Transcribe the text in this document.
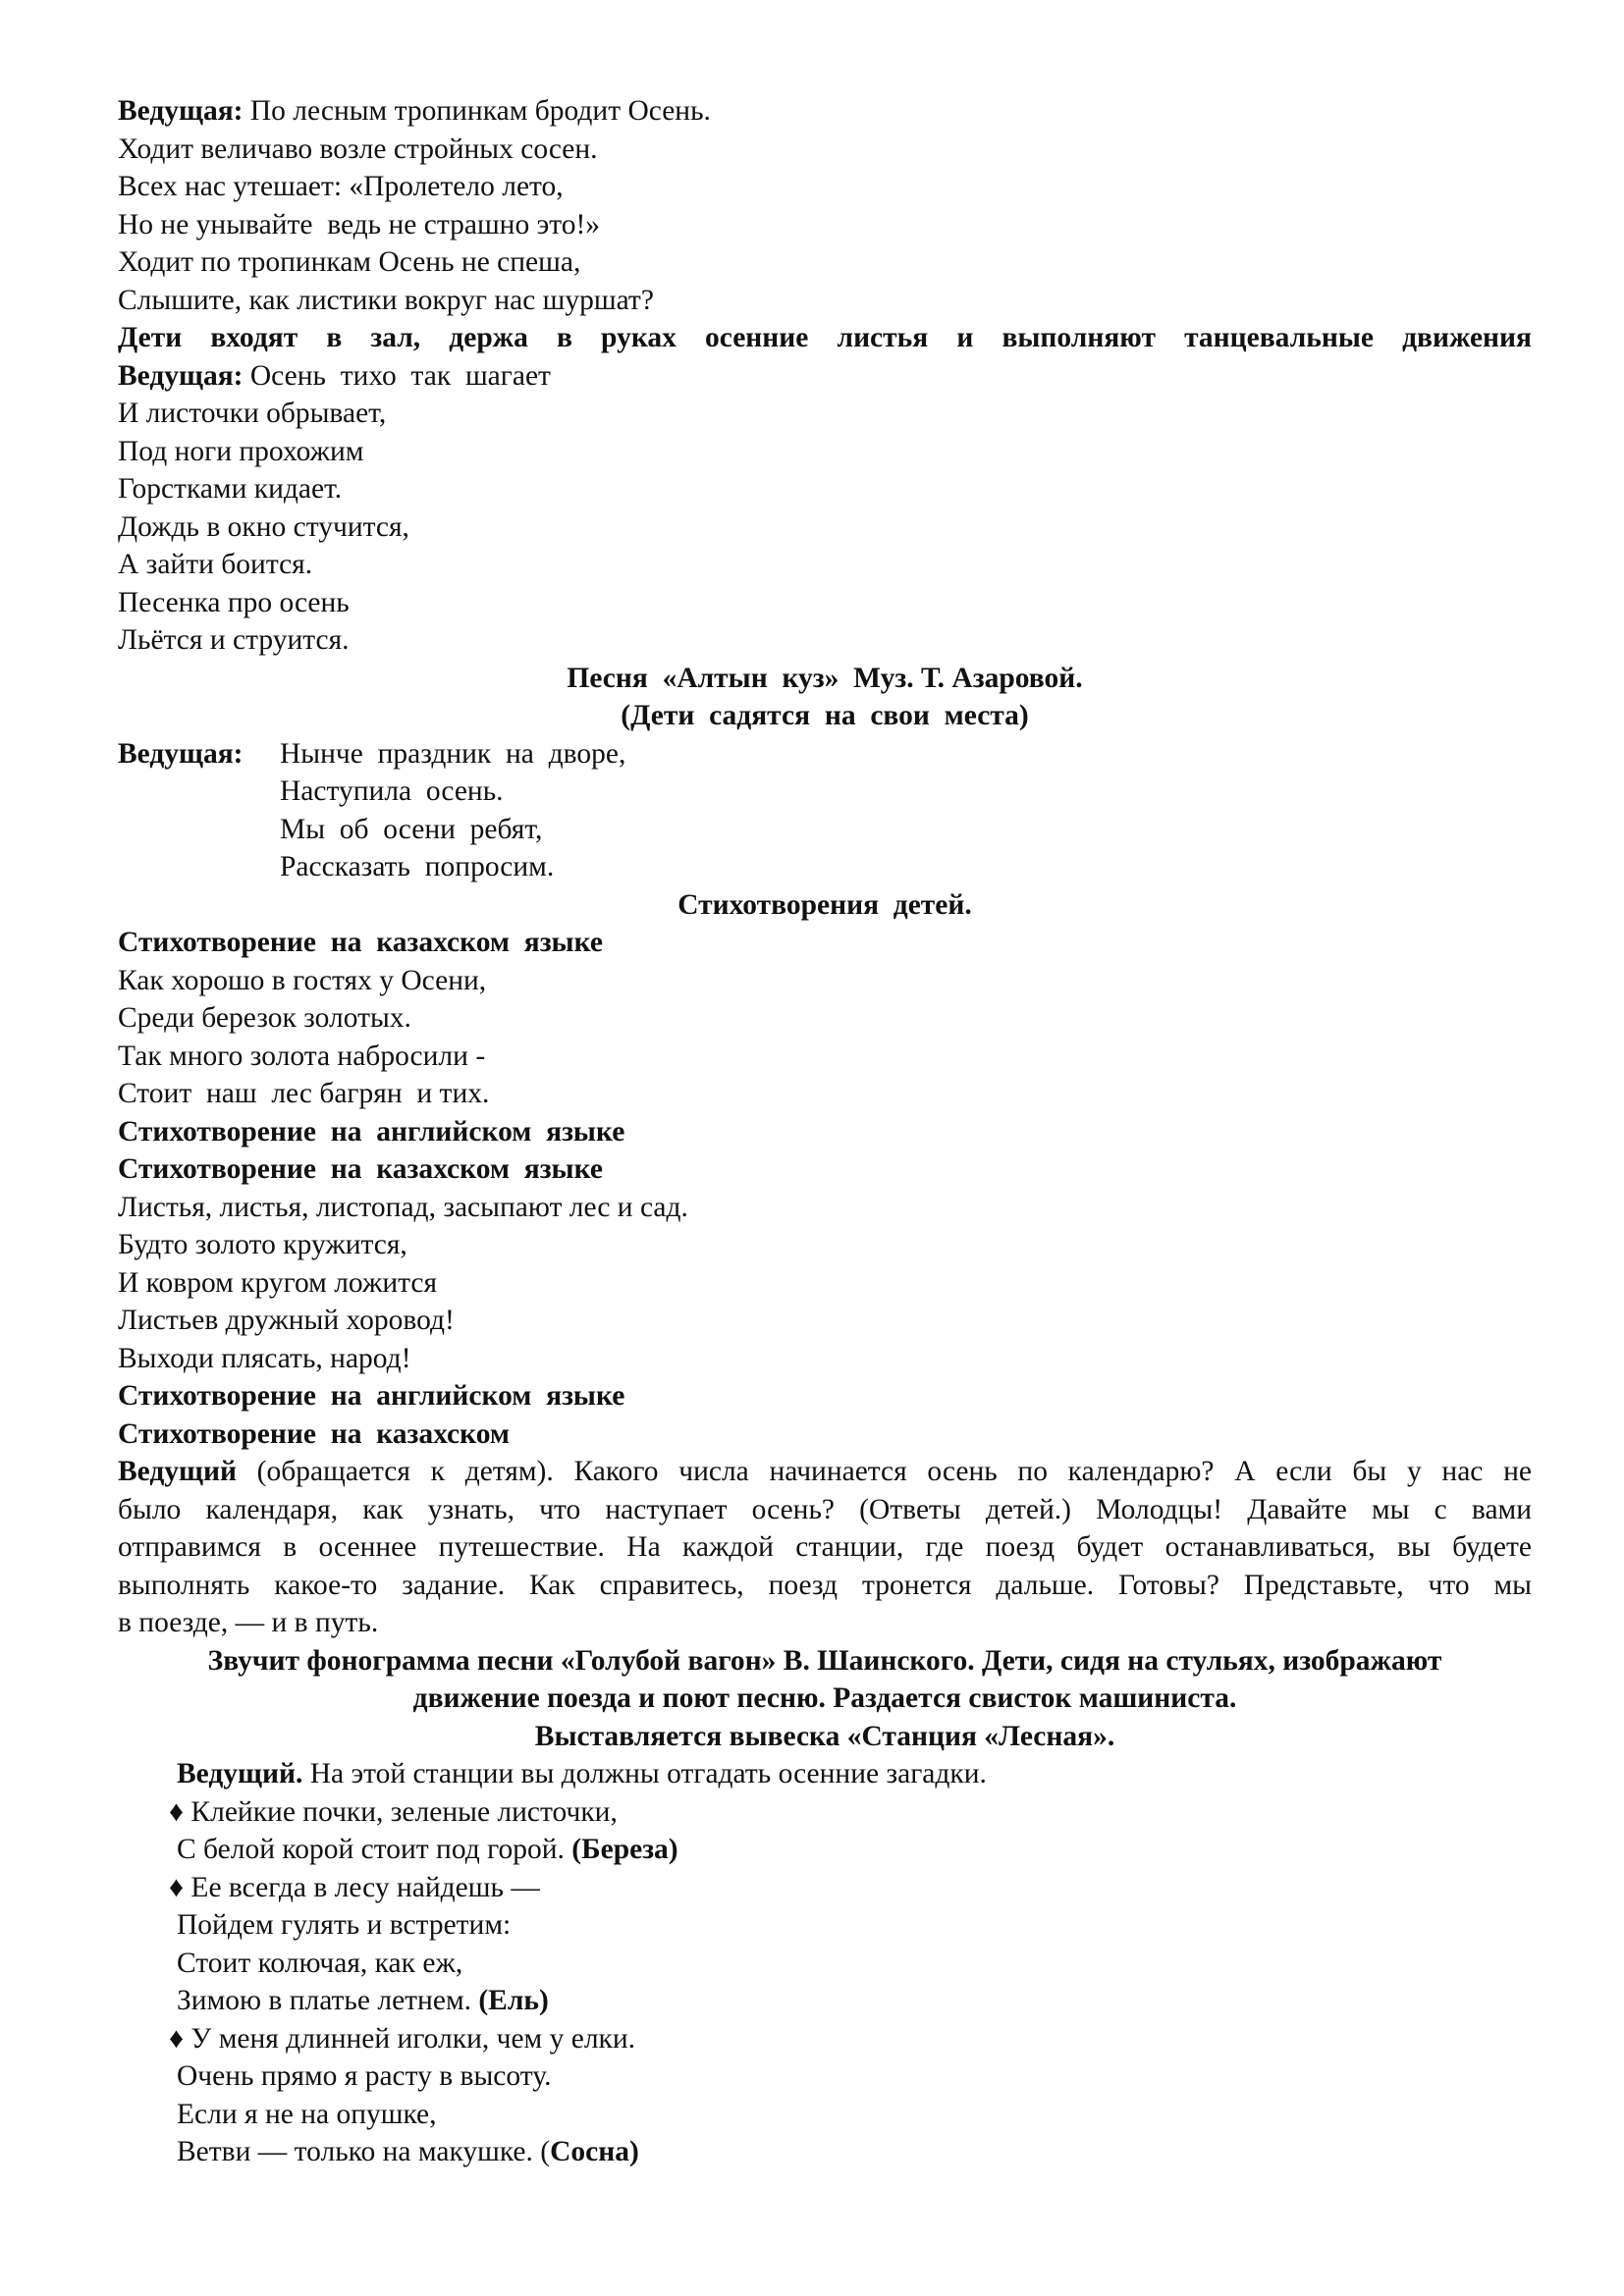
Ведущая: По лесным тропинкам бродит Осень.

Ходит величаво возле стройных сосен.

Всех нас утешает: «Пролетело лето,

Но не унывайте  ведь не страшно это!»

Ходит по тропинкам Осень не спеша,

Слышите, как листики вокруг нас шуршат?

Дети входят в зал, держа в руках осенние листья и выполняют танцевальные движения

Ведущая: Осень  тихо  так  шагает

И листочки обрывает,

Под ноги прохожим

Горстками кидает.

Дождь в окно стучится,

А зайти боится.

Песенка про осень

Льётся и струится.

Песня  «Алтын  куз»  Муз. Т. Азаровой.

(Дети  садятся  на  свои  места)

Ведущая: Нынче  праздник  на  дворе,

Наступила  осень.

Мы  об  осени  ребят,

Рассказать  попросим.

Стихотворения  детей.

Стихотворение  на  казахском  языке

Как хорошо в гостях у Осени,

Среди березок золотых.

Так много золота набросили -

Стоит  наш  лес багрян  и тих.

Стихотворение  на  английском  языке

Стихотворение  на  казахском  языке

Листья, листья, листопад, засыпают лес и сад.

Будто золото кружится,

И ковром кругом ложится

Листьев дружный хоровод!

Выходи плясать, народ!

Стихотворение  на  английском  языке

Стихотворение  на  казахском

Ведущий (обращается к детям). Какого числа начинается осень по календарю? А если бы у нас не

было календаря, как узнать, что наступает осень? (Ответы детей.) Молодцы! Давайте мы с вами

отправимся в осеннее путешествие. На каждой станции, где поезд будет останавливаться, вы будете

выполнять какое-то задание. Как справитесь, поезд тронется дальше. Готовы? Представьте, что мы

в поезде, — и в путь.

Звучит фонограмма песни «Голубой вагон» В. Шаинского. Дети, сидя на стульях, изображают

движение поезда и поют песню. Раздается свисток машиниста.

Выставляется вывеска «Станция «Лесная».

Ведущий. На этой станции вы должны отгадать осенние загадки.

♦ Клейкие почки, зеленые листочки,

С белой корой стоит под горой. (Береза)

♦ Ее всегда в лесу найдешь —

Пойдем гулять и встретим:

Стоит колючая, как еж,

Зимою в платье летнем. (Ель)

♦ У меня длинней иголки, чем у елки.

Очень прямо я расту в высоту.

Если я не на опушке,

Ветви — только на макушке. (Сосна)
